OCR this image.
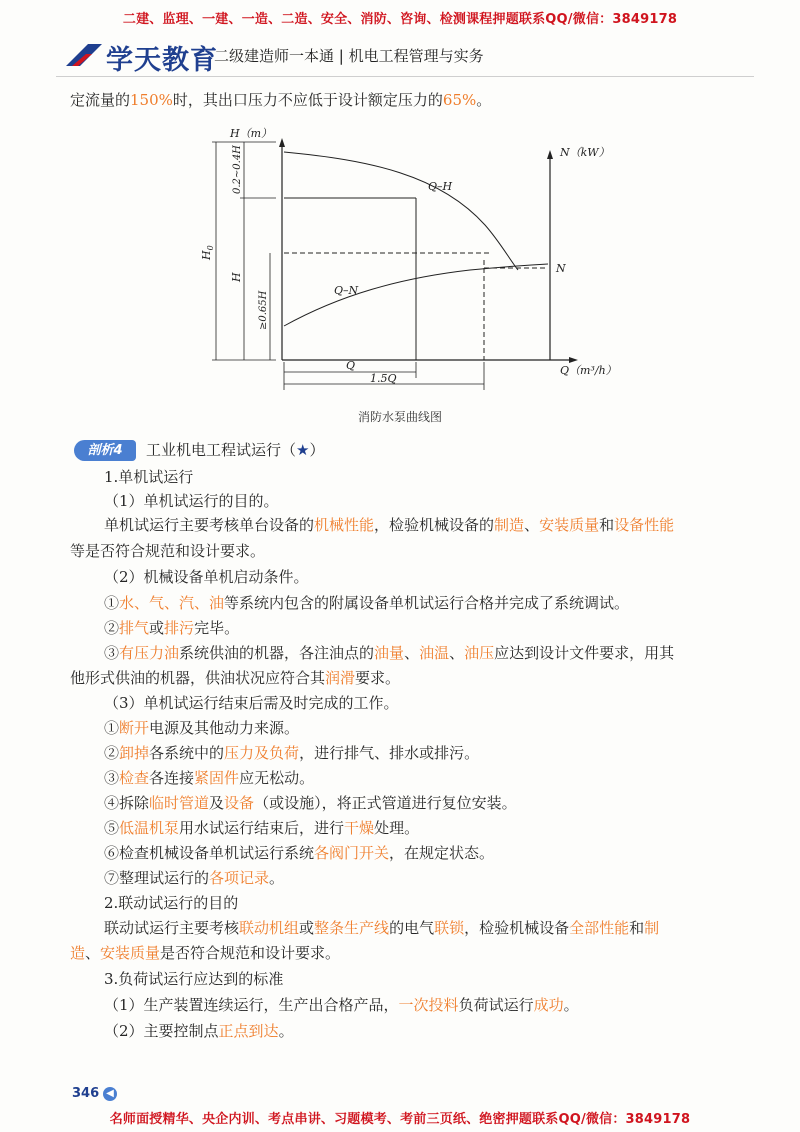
二建、监理、一建、一造、二造、安全、消防、咨询、检测课程押题联系QQ/微信：3849178
学天教育
二级建造师一本通 | 机电工程管理与实务
定流量的150%时，其出口压力不应低于设计额定压力的65%。
H（m）
N（kW）
Q（m³/h）
Q–H
Q–N
N
$H_0$
0.2~0.4H
H
≥0.65H
Q
1.5Q
消防水泵曲线图
剖析4	工业机电工程试运行（★）
1.单机试运行
（1）单机试运行的目的。
单机试运行主要考核单台设备的机械性能，检验机械设备的制造、安装质量和设备性能
等是否符合规范和设计要求。
（2）机械设备单机启动条件。
①水、气、汽、油等系统内包含的附属设备单机试运行合格并完成了系统调试。
②排气或排污完毕。
③有压力油系统供油的机器，各注油点的油量、油温、油压应达到设计文件要求，用其
他形式供油的机器，供油状况应符合其润滑要求。
（3）单机试运行结束后需及时完成的工作。
①断开电源及其他动力来源。
②卸掉各系统中的压力及负荷，进行排气、排水或排污。
③检查各连接紧固件应无松动。
④拆除临时管道及设备（或设施），将正式管道进行复位安装。
⑤低温机泵用水试运行结束后，进行干燥处理。
⑥检查机械设备单机试运行系统各阀门开关，在规定状态。
⑦整理试运行的各项记录。
2.联动试运行的目的
联动试运行主要考核联动机组或整条生产线的电气联锁，检验机械设备全部性能和制
造、安装质量是否符合规范和设计要求。
3.负荷试运行应达到的标准
（1）生产装置连续运行，生产出合格产品，一次投料负荷试运行成功。
（2）主要控制点正点到达。
346 ◀
名师面授精华、央企内训、考点串讲、习题模考、考前三页纸、绝密押题联系QQ/微信：3849178
